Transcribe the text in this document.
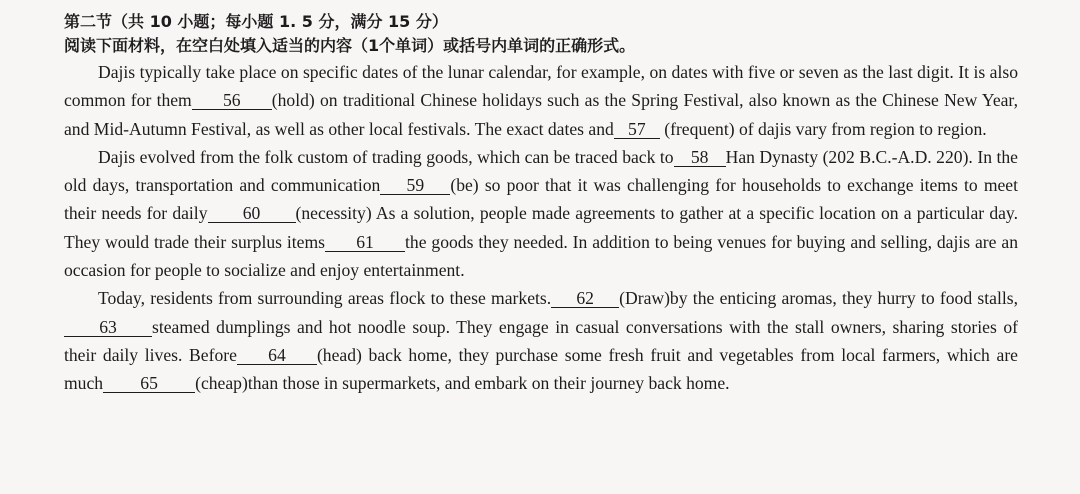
第二节（共 10 小题；每小题 1. 5 分，满分 15 分）
阅读下面材料，在空白处填入适当的内容（1个单词）或括号内单词的正确形式。

Dajis typically take place on specific dates of the lunar calendar, for example, on dates with five or seven as the last digit. It is also common for them 56 (hold) on traditional Chinese holidays such as the Spring Festival, also known as the Chinese New Year, and Mid-Autumn Festival, as well as other local festivals. The exact dates and 57 (frequent) of dajis vary from region to region.

Dajis evolved from the folk custom of trading goods, which can be traced back to 58 Han Dynasty (202 B.C.-A.D. 220). In the old days, transportation and communication 59 (be) so poor that it was challenging for households to exchange items to meet their needs for daily 60 (necessity) As a solution, people made agreements to gather at a specific location on a particular day. They would trade their surplus items 61 the goods they needed. In addition to being venues for buying and selling, dajis are an occasion for people to socialize and enjoy entertainment.

Today, residents from surrounding areas flock to these markets. 62 (Draw)by the enticing aromas, they hurry to food stalls,63 steamed dumplings and hot noodle soup. They engage in casual conversations with the stall owners, sharing stories of their daily lives. Before 64 (head) back home, they purchase some fresh fruit and vegetables from local farmers, which are much 65 (cheap)than those in supermarkets, and embark on their journey back home.
